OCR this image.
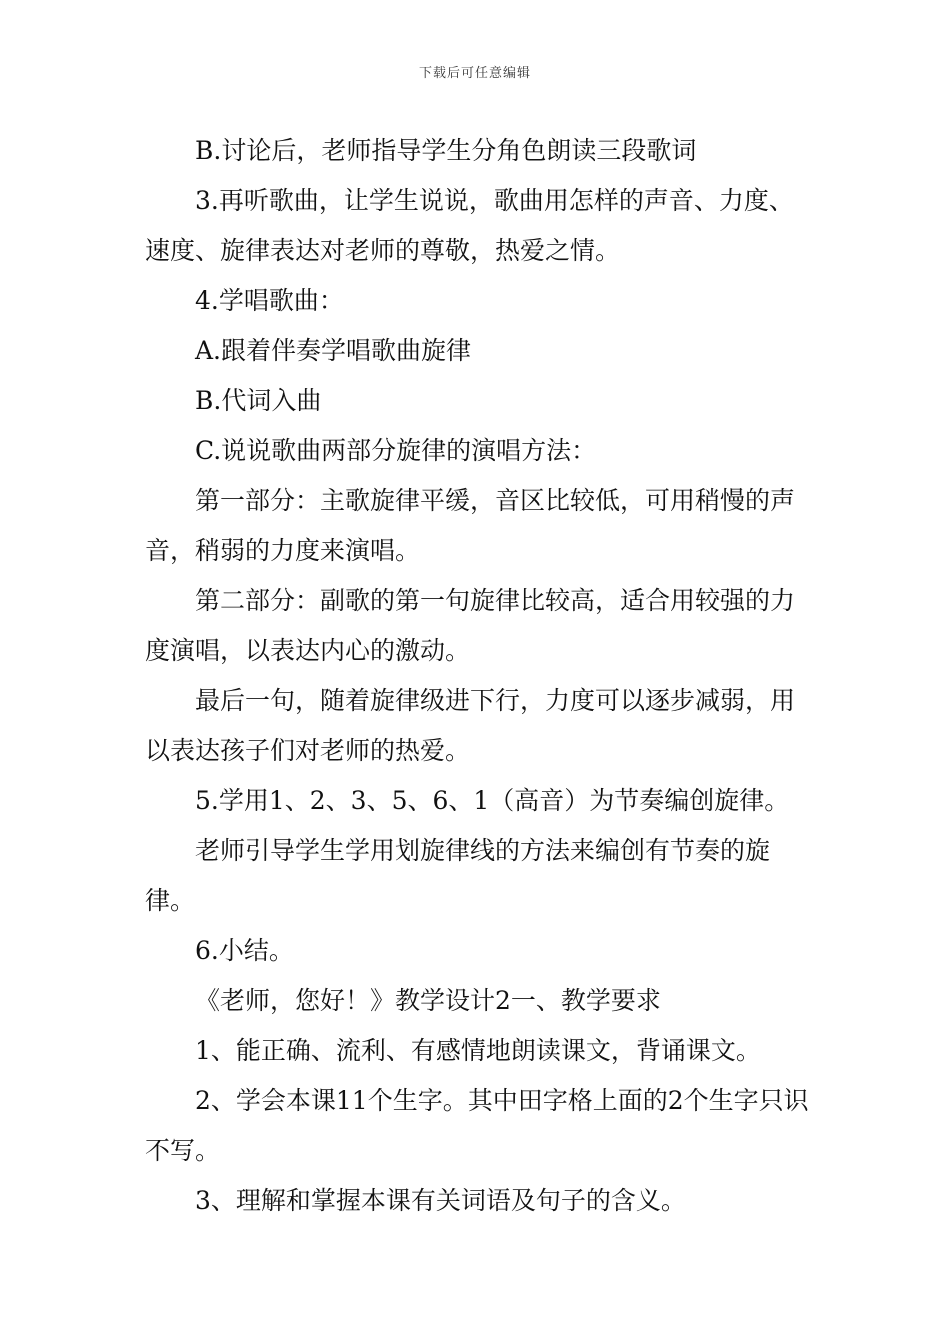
下载后可任意编辑

B.讨论后，老师指导学生分角色朗读三段歌词

3.再听歌曲，让学生说说，歌曲用怎样的声音、力度、速度、旋律表达对老师的尊敬，热爱之情。

4.学唱歌曲：

A.跟着伴奏学唱歌曲旋律

B.代词入曲

C.说说歌曲两部分旋律的演唱方法：

第一部分：主歌旋律平缓，音区比较低，可用稍慢的声音，稍弱的力度来演唱。

第二部分：副歌的第一句旋律比较高，适合用较强的力度演唱，以表达内心的激动。

最后一句，随着旋律级进下行，力度可以逐步减弱，用以表达孩子们对老师的热爱。

5.学用1、2、3、5、6、1（高音）为节奏编创旋律。

老师引导学生学用划旋律线的方法来编创有节奏的旋律。

6.小结。

《老师，您好！》教学设计2一、教学要求

1、能正确、流利、有感情地朗读课文，背诵课文。

2、学会本课11个生字。其中田字格上面的2个生字只识不写。

3、理解和掌握本课有关词语及句子的含义。
